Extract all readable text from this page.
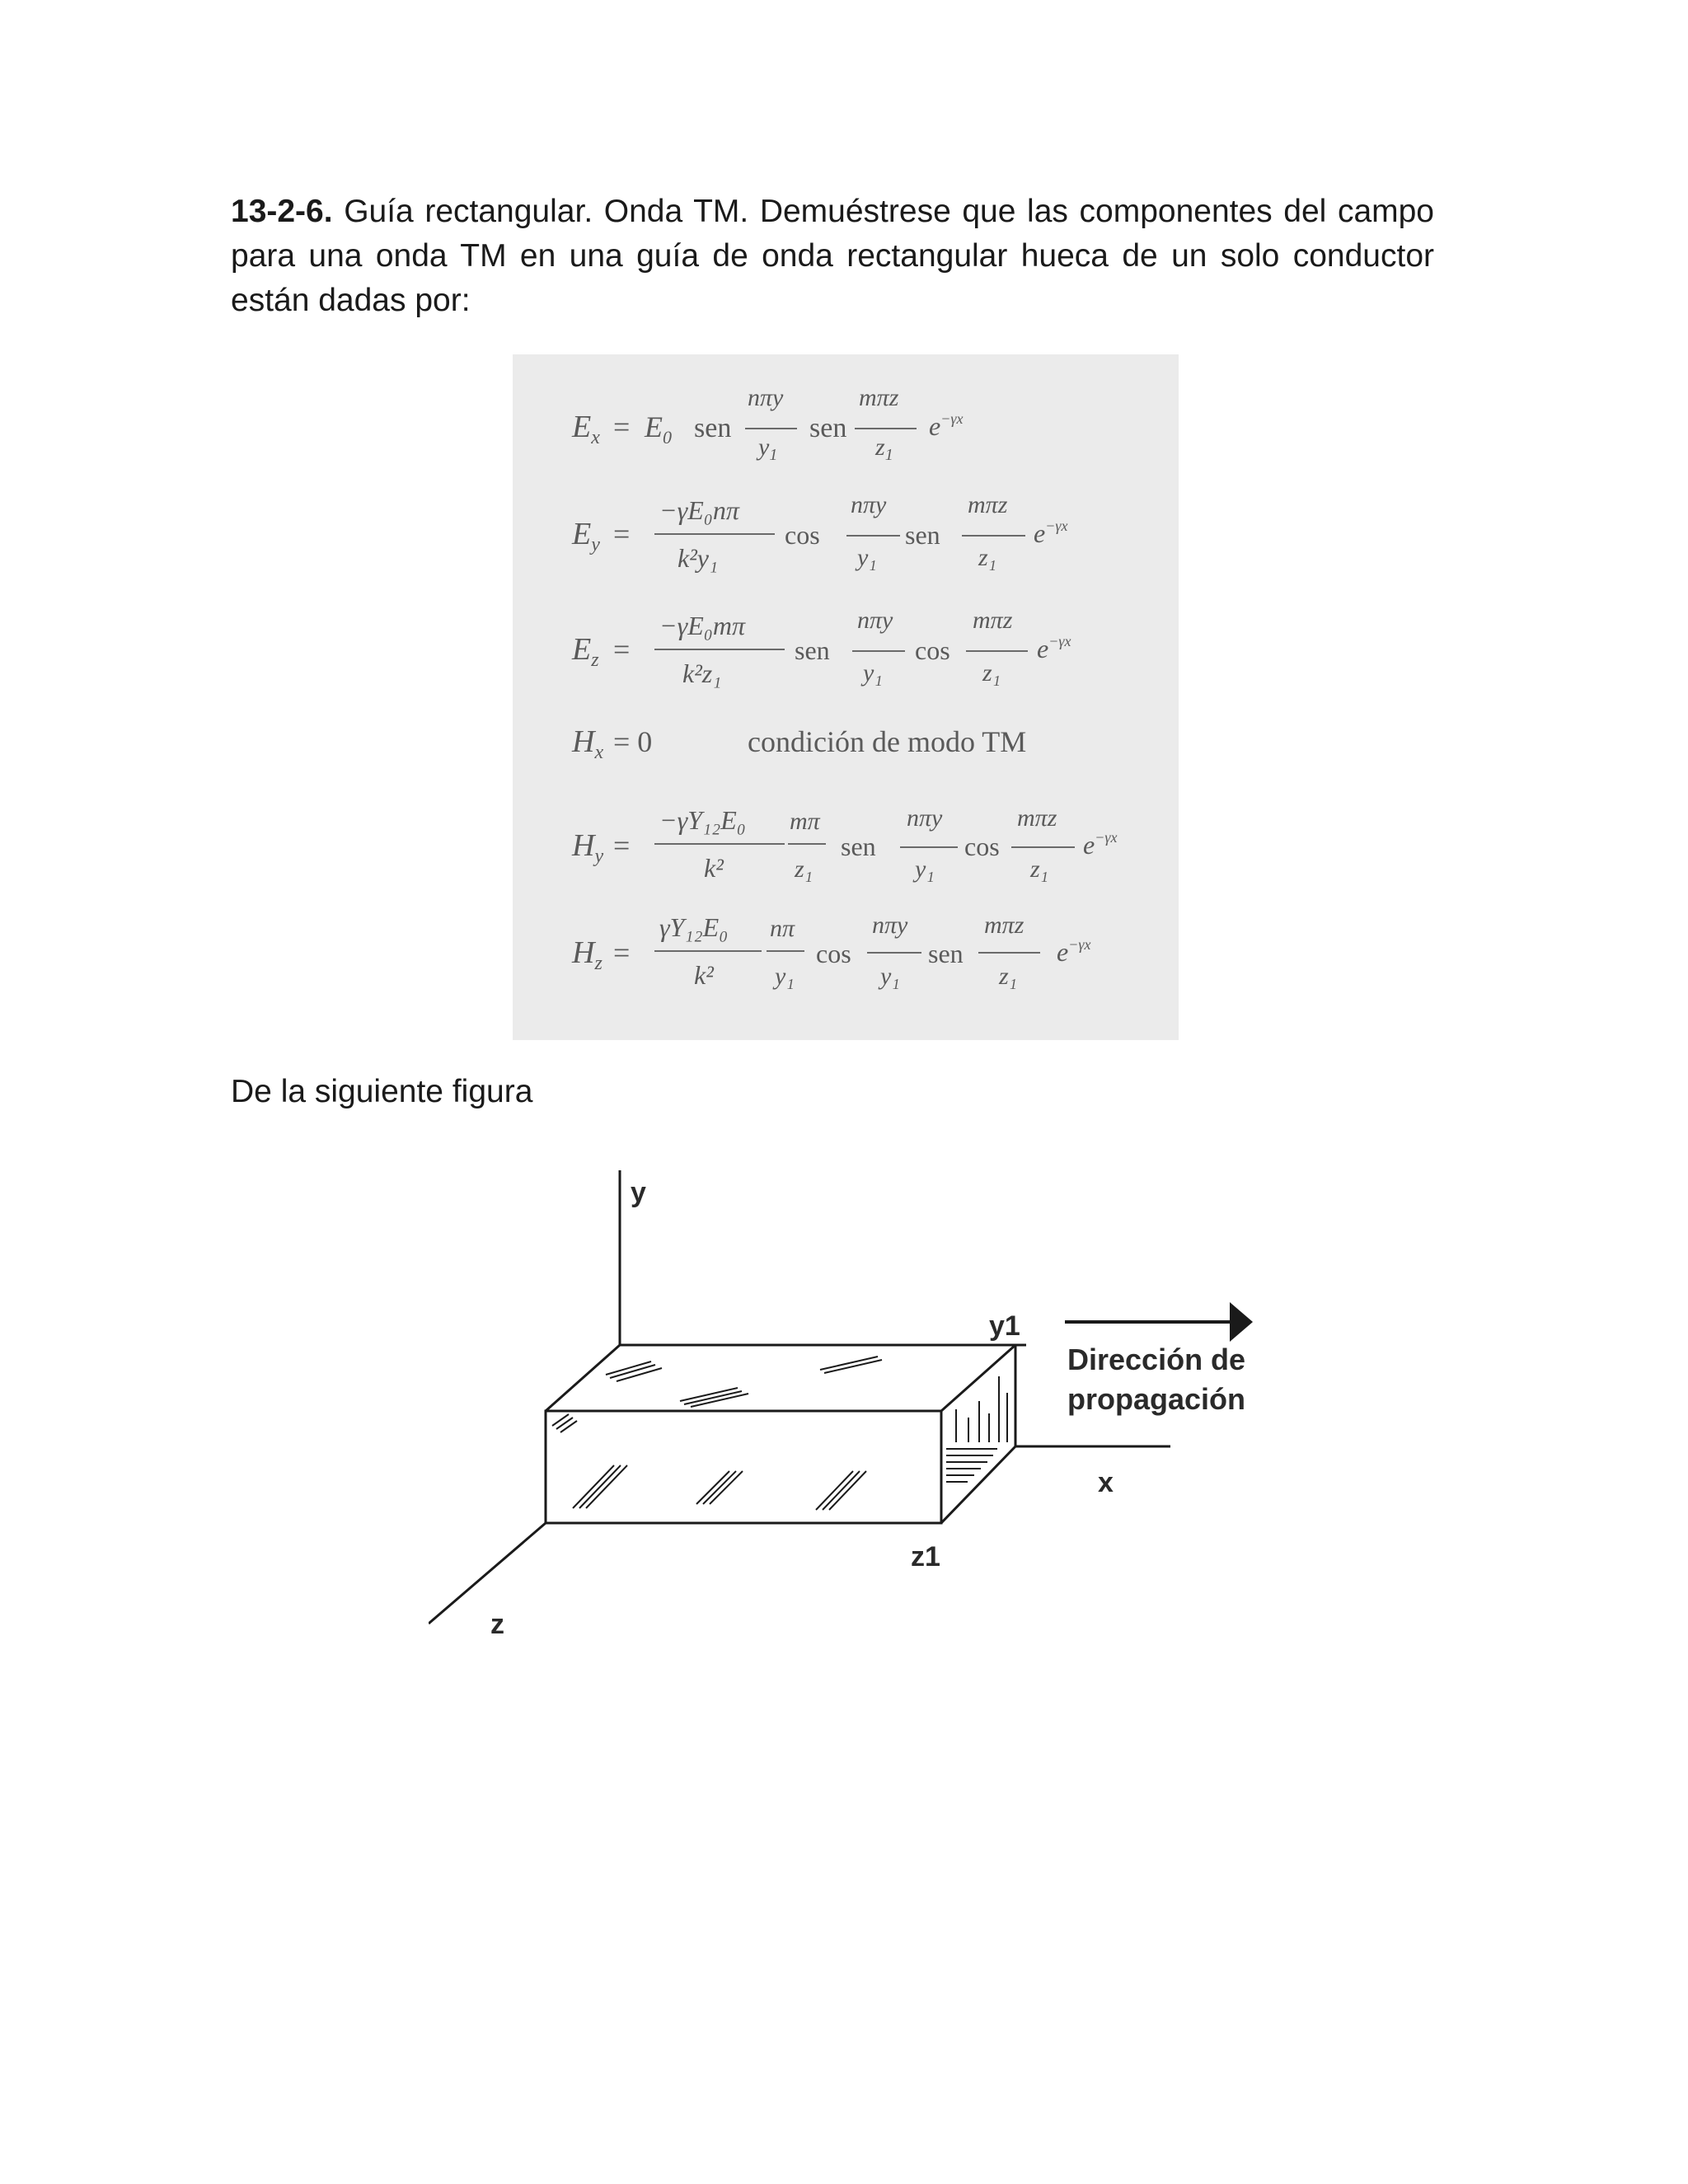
13-2-6. Guía rectangular. Onda TM. Demuéstrese que las componentes del campo para una onda TM en una guía de onda rectangular hueca de un solo conductor están dadas por:

$E_x = E_0$ sen
nπy
$y_1$
sen
mπz
$z_1$
$e^{-\gamma x}$
$E_y$ =
−γE₀nπ
k²y₁
cos
nπy
y₁
sen
mπz
z₁
$e^{-\gamma x}$
$E_z$ =
−γE₀mπ
k²z₁
sen
nπy
y₁
cos
mπz
z₁
$e^{-\gamma x}$
$H_x = 0$	condición de modo TM
$H_y$ =
−γY₁₂E₀
k²
mπ
z₁
sen
nπy
y₁
cos
mπz
z₁
$e^{-\gamma x}$
$H_z$ =
γY₁₂E₀
k²
nπ
y₁
cos
nπy
y₁
sen
mπz
z₁
$e^{-\gamma x}$

De la siguiente figura

y
y1
Dirección de
propagación
x
z1
z
